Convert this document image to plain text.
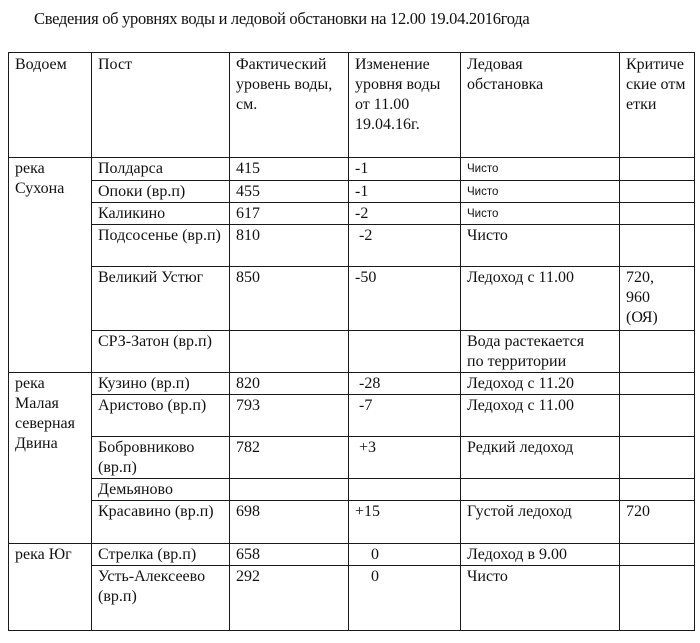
Сведения об уровнях воды и ледовой обстановки на 12.00 19.04.2016года
Водоем	Пост	Фактический уровень воды, см.	Изменение уровня воды от 11.00 19.04.16г.	Ледовая обстановка	Критические отметки
река Сухона	Полдарса	415	-1	Чисто	
	Опоки (вр.п)	455	-1	Чисто	
	Каликино	617	-2	Чисто	
	Подсосенье (вр.п)	810	-2	Чисто	
	Великий Устюг	850	-50	Ледоход с 11.00	720, 960 (ОЯ)
	СРЗ-Затон (вр.п)			Вода растекается по территории	
река Малая северная Двина	Кузино (вр.п)	820	-28	Ледоход с 11.20	
	Аристово (вр.п)	793	-7	Ледоход с 11.00	
	Бобровниково (вр.п)	782	+3	Редкий ледоход	
	Демьяново				
	Красавино (вр.п)	698	+15	Густой ледоход	720
река Юг	Стрелка (вр.п)	658	0	Ледоход в 9.00	
	Усть-Алексеево (вр.п)	292	0	Чисто	
